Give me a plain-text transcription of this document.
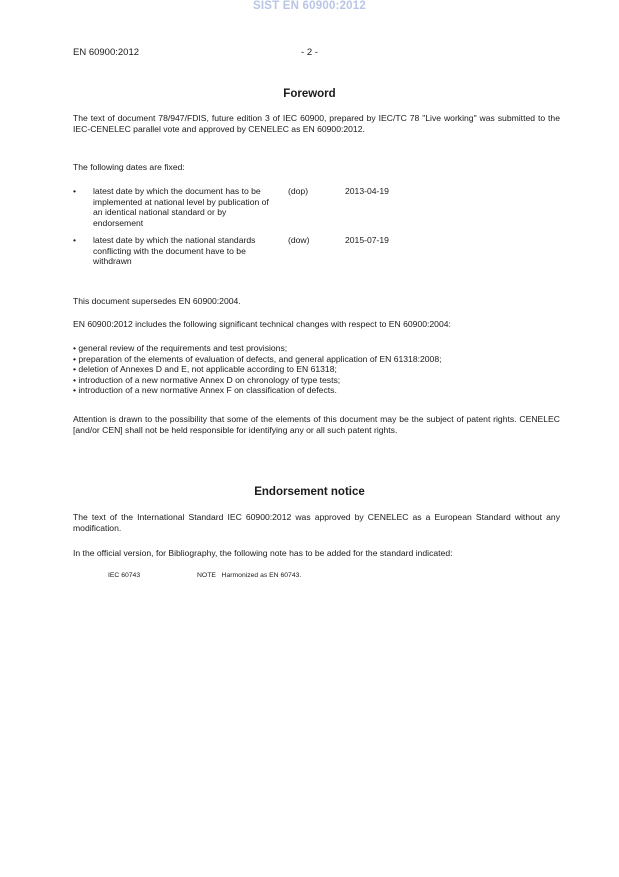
SIST EN 60900:2012
EN 60900:2012	- 2 -
Foreword

The text of document 78/947/FDIS, future edition 3 of IEC 60900, prepared by IEC/TC 78 "Live working" was submitted to the IEC-CENELEC parallel vote and approved by CENELEC as EN 60900:2012.

The following dates are fixed:

• latest date by which the document has to be implemented at national level by publication of an identical national standard or by endorsement
(dop)	2013-04-19
• latest date by which the national standards conflicting with the document have to be withdrawn
(dow)	2015-07-19

This document supersedes EN 60900:2004.

EN 60900:2012 includes the following significant technical changes with respect to EN 60900:2004:

• general review of the requirements and test provisions;
• preparation of the elements of evaluation of defects, and general application of EN 61318:2008;
• deletion of Annexes D and E, not applicable according to EN 61318;
• introduction of a new normative Annex D on chronology of type tests;
• introduction of a new normative Annex F on classification of defects.

Attention is drawn to the possibility that some of the elements of this document may be the subject of patent rights. CENELEC [and/or CEN] shall not be held responsible for identifying any or all such patent rights.

Endorsement notice

The text of the International Standard IEC 60900:2012 was approved by CENELEC as a European Standard without any modification.

In the official version, for Bibliography, the following note has to be added for the standard indicated:

IEC 60743	NOTE   Harmonized as EN 60743.
